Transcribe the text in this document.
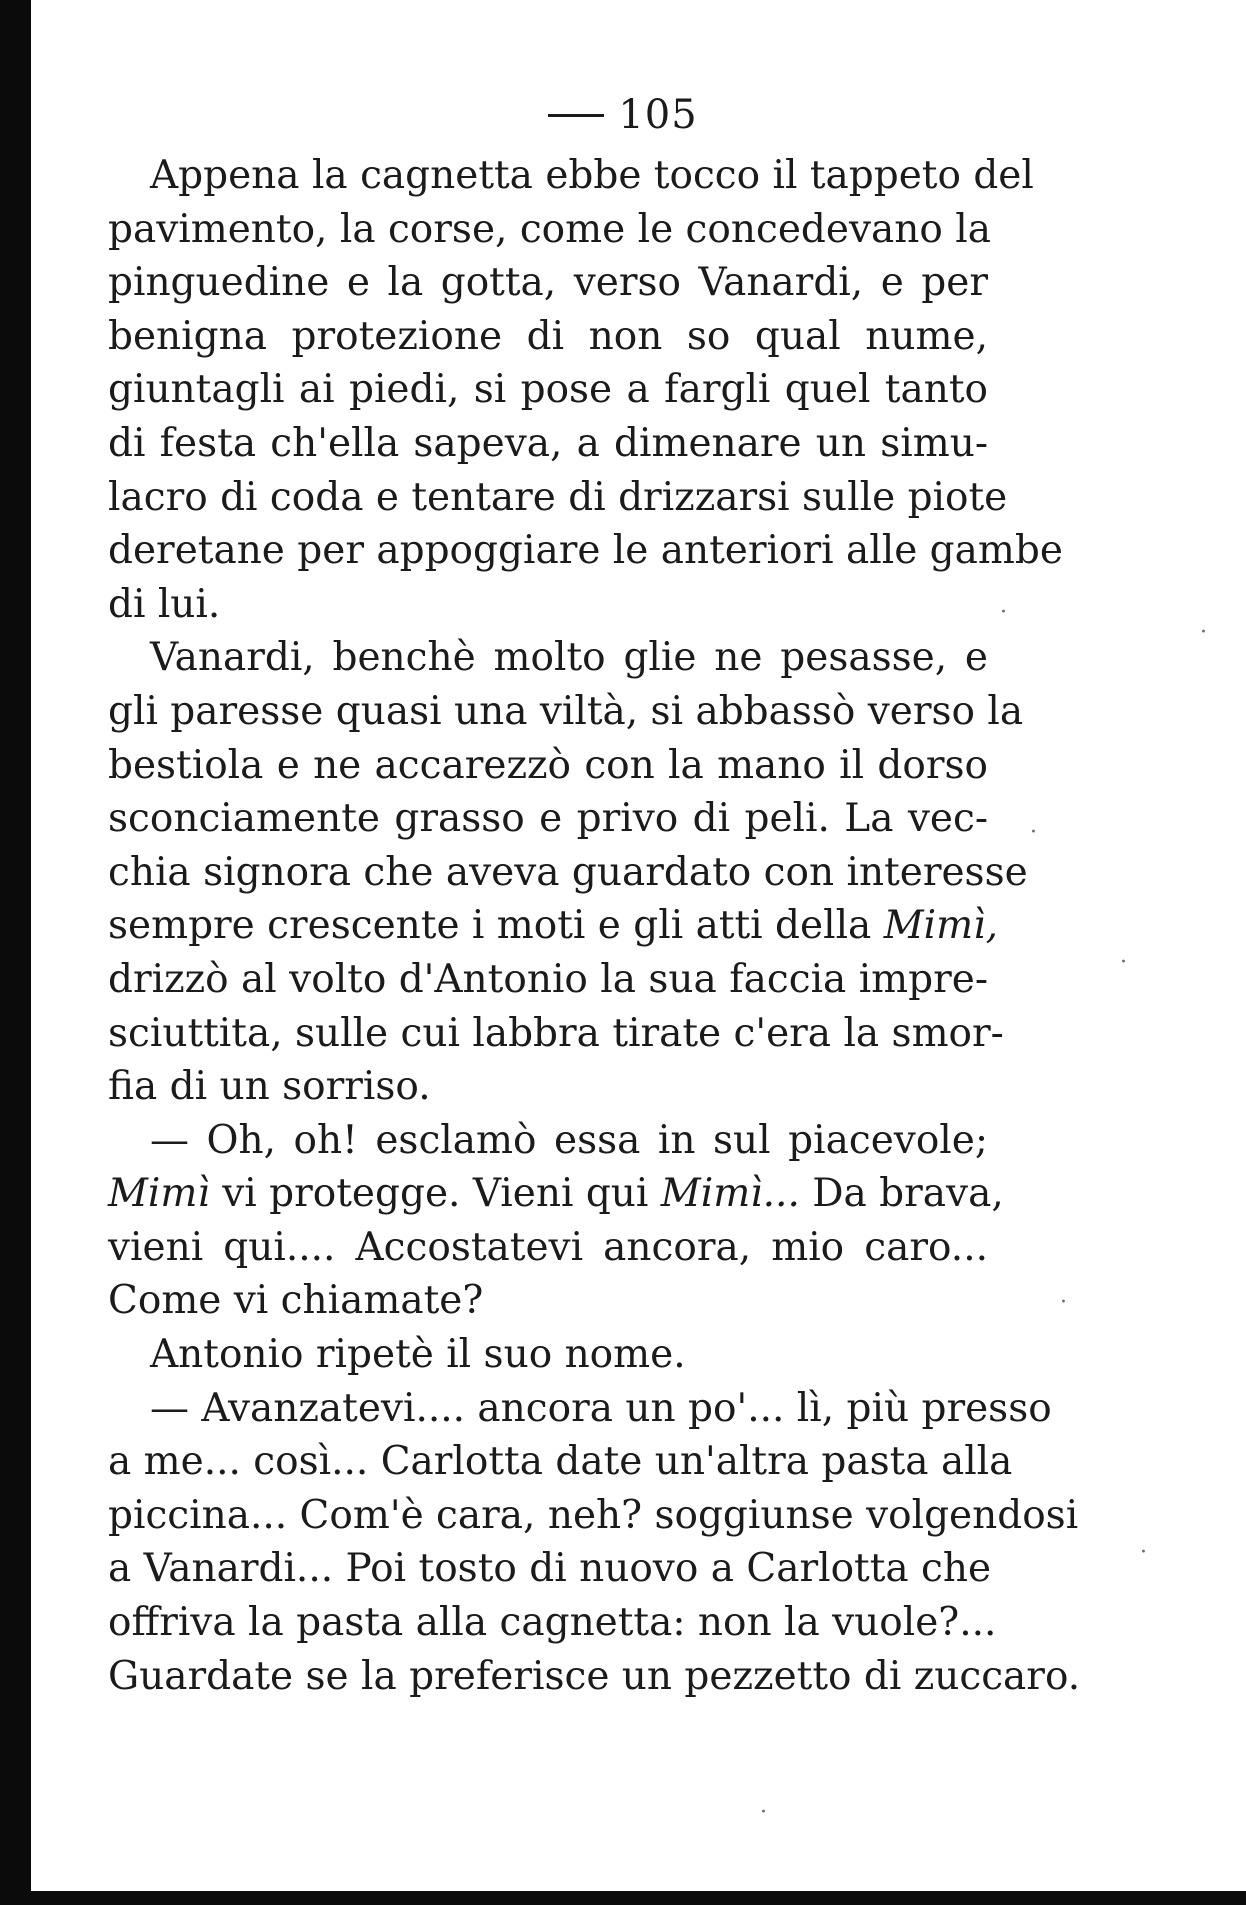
105
Appena la cagnetta ebbe tocco il tappeto del
pavimento, la corse, come le concedevano la
pinguedine e la gotta, verso Vanardi, e per
benigna protezione di non so qual nume,
giuntagli ai piedi, si pose a fargli quel tanto
di festa ch'ella sapeva, a dimenare un simu-
lacro di coda e tentare di drizzarsi sulle piote
deretane per appoggiare le anteriori alle gambe
di lui.
Vanardi, benchè molto glie ne pesasse, e
gli paresse quasi una viltà, si abbassò verso la
bestiola e ne accarezzò con la mano il dorso
sconciamente grasso e privo di peli. La vec-
chia signora che aveva guardato con interesse
sempre crescente i moti e gli atti della Mimì,
drizzò al volto d'Antonio la sua faccia impre-
sciuttita, sulle cui labbra tirate c'era la smor-
fia di un sorriso.
— Oh, oh! esclamò essa in sul piacevole;
Mimì vi protegge. Vieni qui Mimì... Da brava,
vieni qui.... Accostatevi ancora, mio caro...
Come vi chiamate?
Antonio ripetè il suo nome.
— Avanzatevi.... ancora un po'... lì, più presso
a me... così... Carlotta date un'altra pasta alla
piccina... Com'è cara, neh? soggiunse volgendosi
a Vanardi... Poi tosto di nuovo a Carlotta che
offriva la pasta alla cagnetta: non la vuole?...
Guardate se la preferisce un pezzetto di zuccaro.
·
·
·
·
·
·
·
